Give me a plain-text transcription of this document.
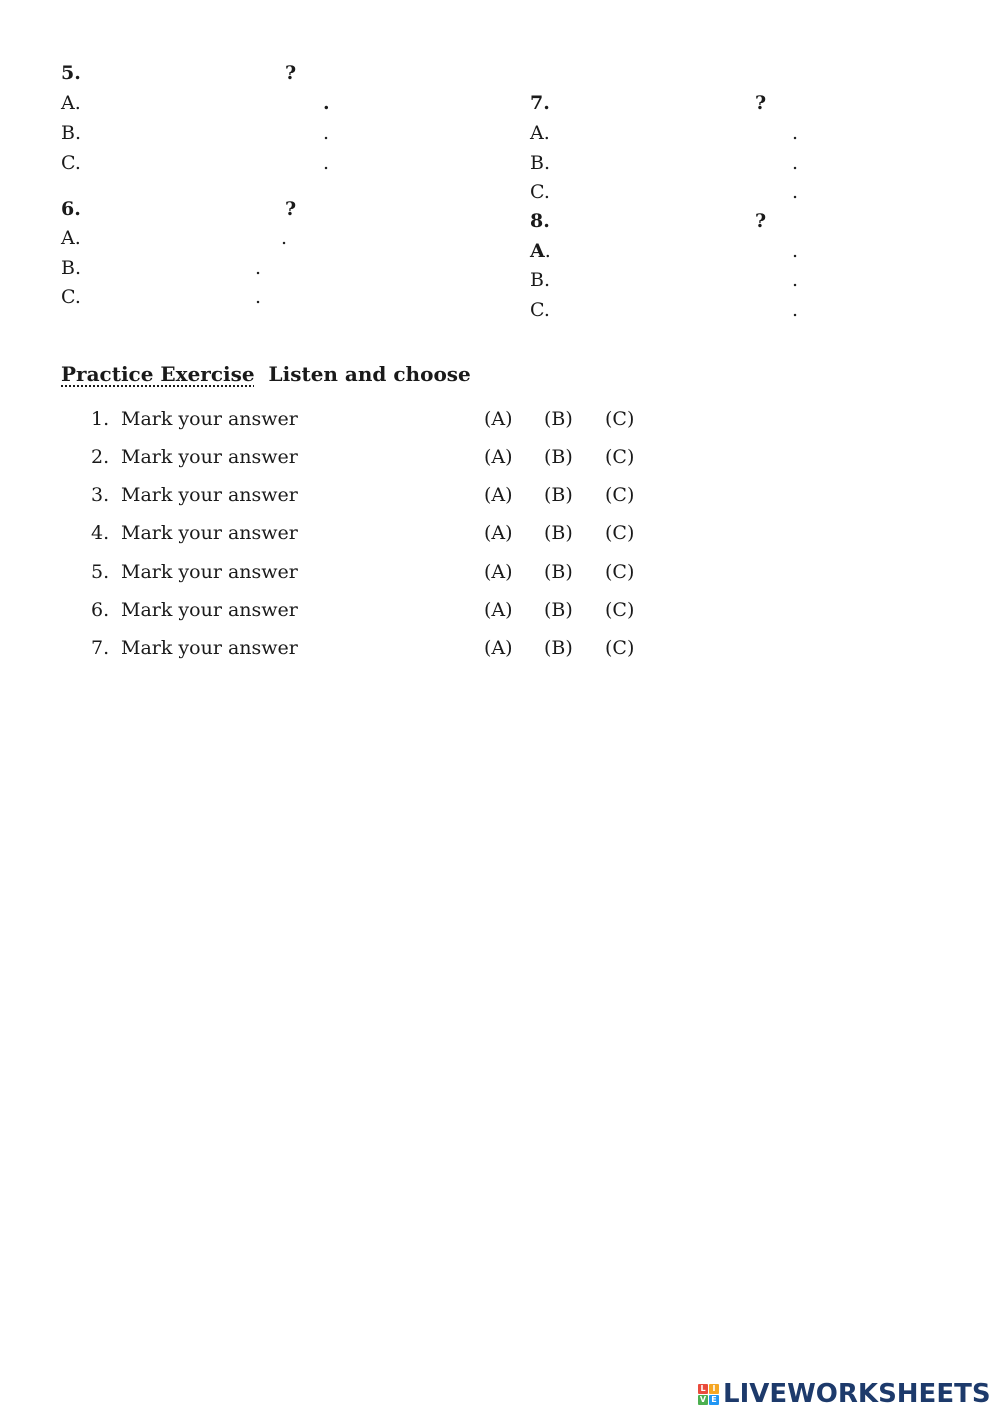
5.	?
A.	.
B.	.
C.	.
6.	?
A.	.
B.	.
C.	.
7.	?
A.	.
B.	.
C.	.
8.	?
A.	.
B.	.
C.	.
Practice Exercise Listen and choose
1. Mark your answer	(A) (B) (C)
2. Mark your answer	(A) (B) (C)
3. Mark your answer	(A) (B) (C)
4. Mark your answer	(A) (B) (C)
5. Mark your answer	(A) (B) (C)
6. Mark your answer	(A) (B) (C)
7. Mark your answer	(A) (B) (C)
L I
V E LIVEWORKSHEETS
